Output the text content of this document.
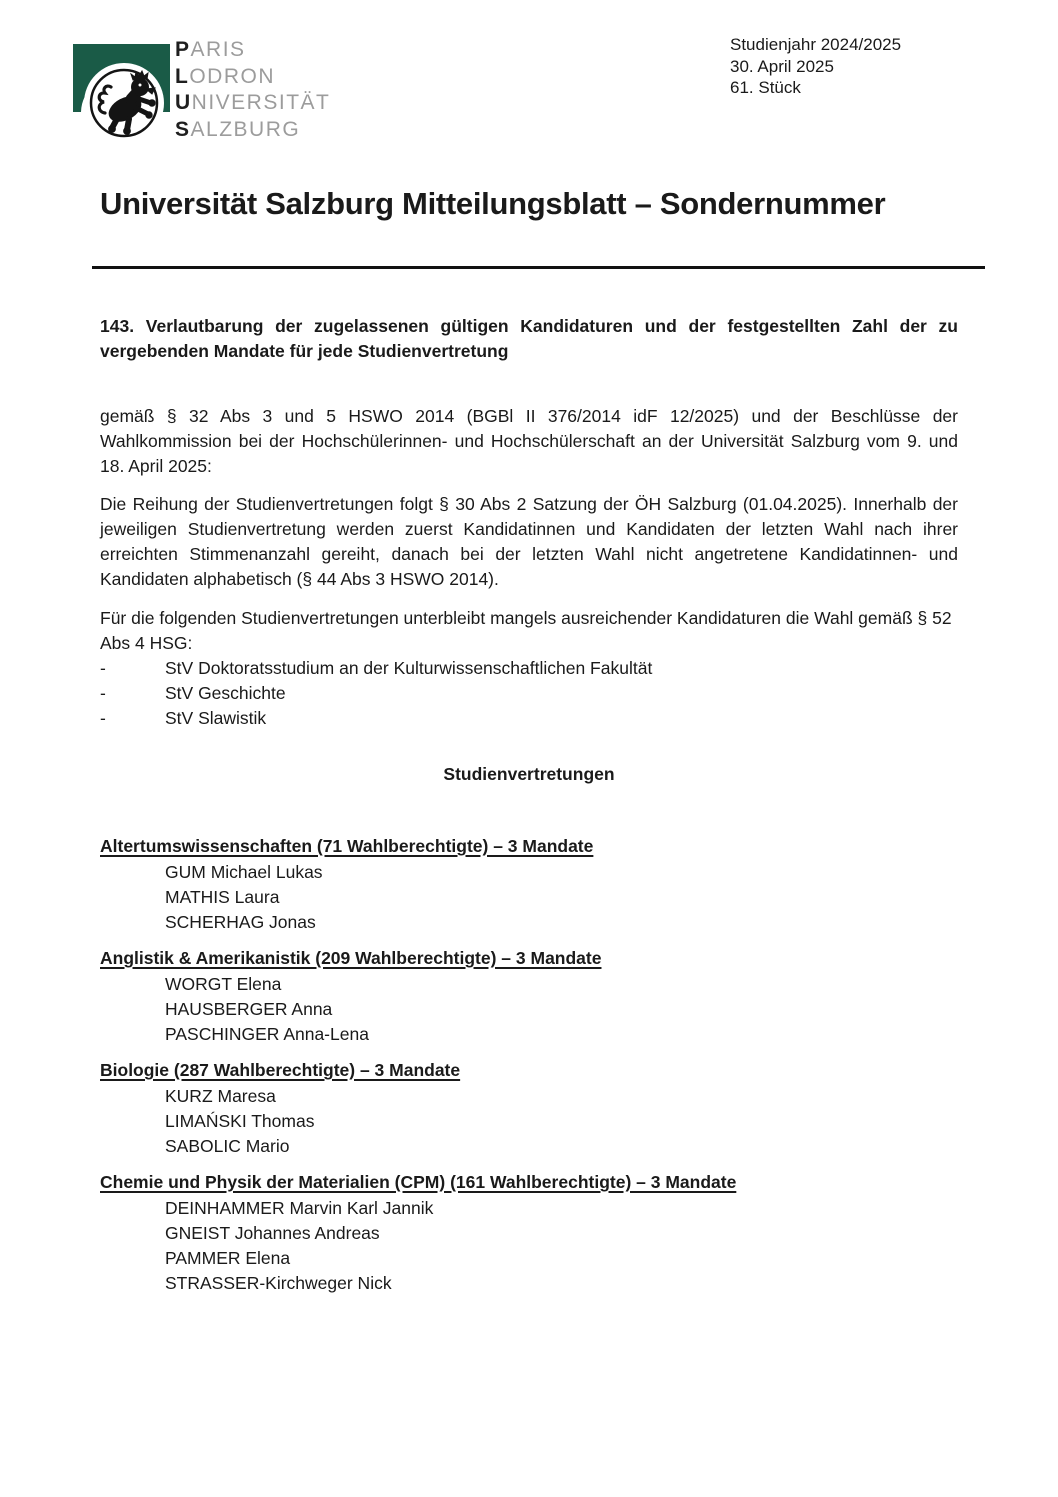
PARIS
LODRON
UNIVERSITÄT
SALZBURG
Studienjahr 2024/2025
30. April 2025
61. Stück
Universität Salzburg Mitteilungsblatt – Sondernummer

143. Verlautbarung der zugelassenen gültigen Kandidaturen und der festgestellten Zahl der zu vergebenden Mandate für jede Studienvertretung

gemäß § 32 Abs 3 und 5 HSWO 2014 (BGBl II 376/2014 idF 12/2025) und der Beschlüsse der Wahlkommission bei der Hochschülerinnen- und Hochschülerschaft an der Universität Salzburg vom 9. und 18. April 2025:

Die Reihung der Studienvertretungen folgt § 30 Abs 2 Satzung der ÖH Salzburg (01.04.2025). Innerhalb der jeweiligen Studienvertretung werden zuerst Kandidatinnen und Kandidaten der letzten Wahl nach ihrer erreichten Stimmenanzahl gereiht, danach bei der letzten Wahl nicht angetretene Kandidatinnen- und Kandidaten alphabetisch (§ 44 Abs 3 HSWO 2014).

Für die folgenden Studienvertretungen unterbleibt mangels ausreichender Kandidaturen die Wahl gemäß § 52 Abs 4 HSG:

-	StV Doktoratsstudium an der Kulturwissenschaftlichen Fakultät
-	StV Geschichte
-	StV Slawistik
Studienvertretungen

Altertumswissenschaften (71 Wahlberechtigte) – 3 Mandate

GUM Michael Lukas
MATHIS Laura
SCHERHAG Jonas

Anglistik & Amerikanistik (209 Wahlberechtigte) – 3 Mandate

WORGT Elena
HAUSBERGER Anna
PASCHINGER Anna-Lena

Biologie (287 Wahlberechtigte) – 3 Mandate

KURZ Maresa
LIMAŃSKI Thomas
SABOLIC Mario

Chemie und Physik der Materialien (CPM) (161 Wahlberechtigte) – 3 Mandate

DEINHAMMER Marvin Karl Jannik
GNEIST Johannes Andreas
PAMMER Elena
STRASSER-Kirchweger Nick
